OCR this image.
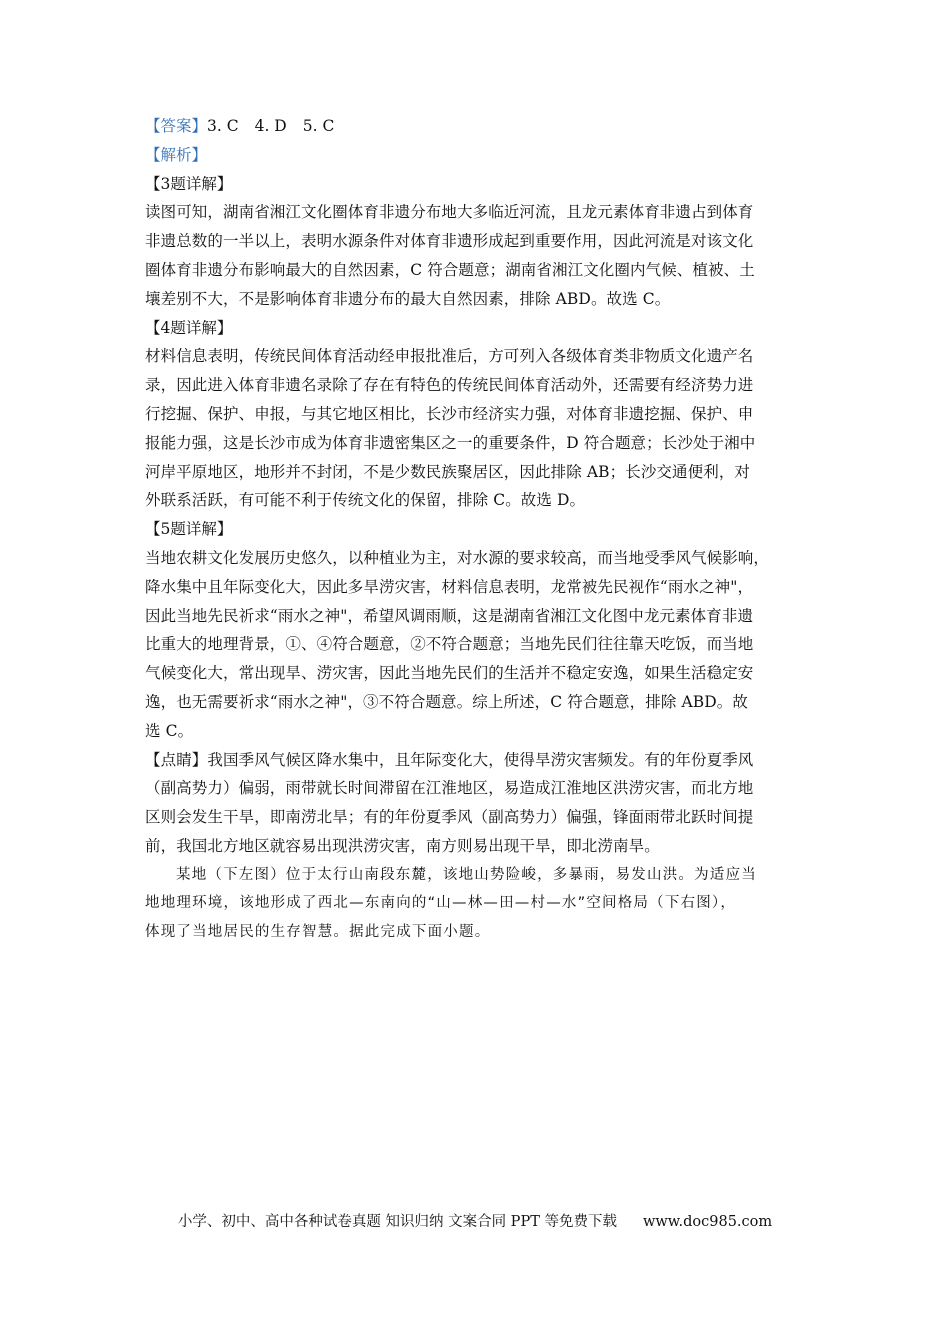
【答案】3. C 4. D 5. C
【解析】
【3题详解】
读图可知，湖南省湘江文化圈体育非遗分布地大多临近河流，且龙元素体育非遗占到体育
非遗总数的一半以上，表明水源条件对体育非遗形成起到重要作用，因此河流是对该文化
圈体育非遗分布影响最大的自然因素，C 符合题意；湖南省湘江文化圈内气候、植被、土
壤差别不大，不是影响体育非遗分布的最大自然因素，排除 ABD。故选 C。
【4题详解】
材料信息表明，传统民间体育活动经申报批准后，方可列入各级体育类非物质文化遗产名
录，因此进入体育非遗名录除了存在有特色的传统民间体育活动外，还需要有经济势力进
行挖掘、保护、申报，与其它地区相比，长沙市经济实力强，对体育非遗挖掘、保护、申
报能力强，这是长沙市成为体育非遗密集区之一的重要条件，D 符合题意；长沙处于湘中
河岸平原地区，地形并不封闭，不是少数民族聚居区，因此排除 AB；长沙交通便利，对
外联系活跃，有可能不利于传统文化的保留，排除 C。故选 D。
【5题详解】
当地农耕文化发展历史悠久，以种植业为主，对水源的要求较高，而当地受季风气候影响，
降水集中且年际变化大，因此多旱涝灾害，材料信息表明，龙常被先民视作“雨水之神"，
因此当地先民祈求“雨水之神"，希望风调雨顺，这是湖南省湘江文化图中龙元素体育非遗
比重大的地理背景，①、④符合题意，②不符合题意；当地先民们往往靠天吃饭，而当地
气候变化大，常出现旱、涝灾害，因此当地先民们的生活并不稳定安逸，如果生活稳定安
逸，也无需要祈求“雨水之神"，③不符合题意。综上所述，C 符合题意，排除 ABD。故
选 C。
【点睛】我国季风气候区降水集中，且年际变化大，使得旱涝灾害频发。有的年份夏季风
（副高势力）偏弱，雨带就长时间滞留在江淮地区，易造成江淮地区洪涝灾害，而北方地
区则会发生干旱，即南涝北旱；有的年份夏季风（副高势力）偏强，锋面雨带北跃时间提
前，我国北方地区就容易出现洪涝灾害，南方则易出现干旱，即北涝南旱。
某地（下左图）位于太行山南段东麓，该地山势险峻，多暴雨，易发山洪。为适应当
地地理环境，该地形成了西北—东南向的“山—林—田—村—水”空间格局（下右图），
体现了当地居民的生存智慧。据此完成下面小题。
小学、初中、高中各种试卷真题 知识归纳 文案合同 PPT 等免费下载 www.doc985.com
